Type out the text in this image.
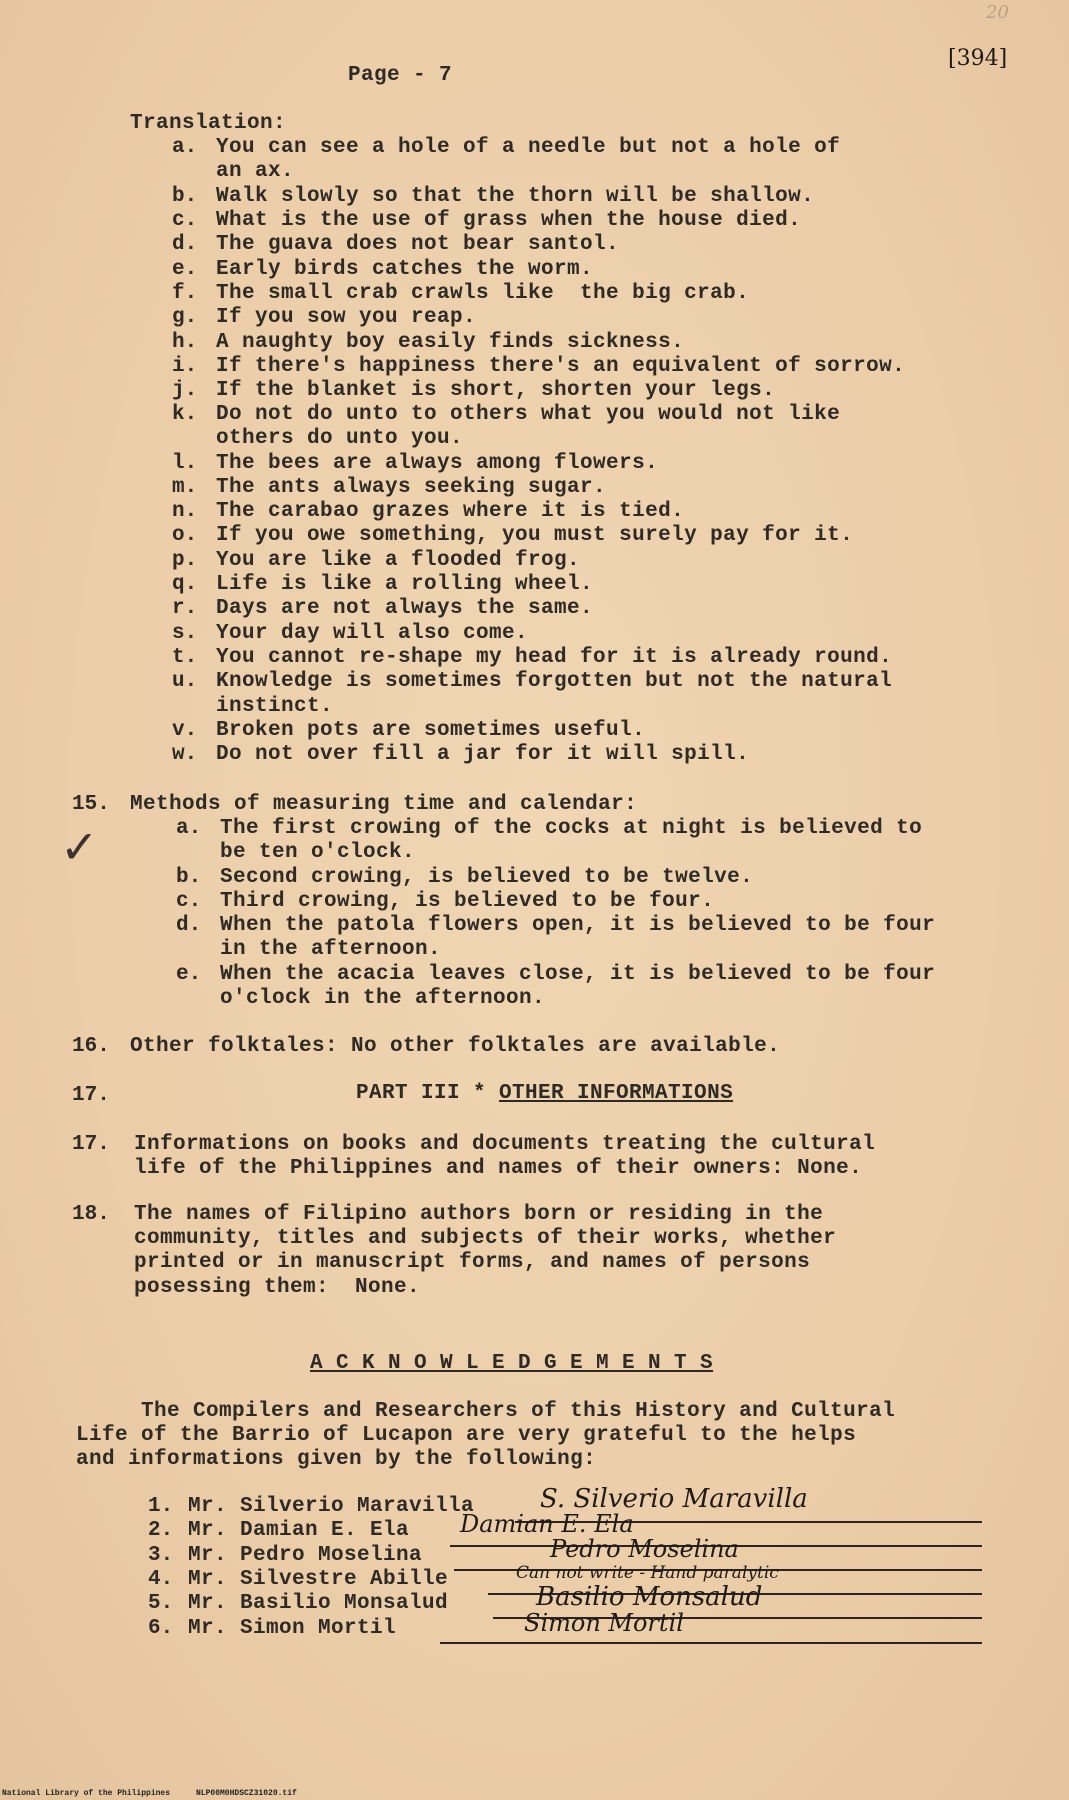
20
[394]
Page - 7
Translation:
a. You can see a hole of a needle but not a hole of
an ax.
b. Walk slowly so that the thorn will be shallow.
c. What is the use of grass when the house died.
d. The guava does not bear santol.
e. Early birds catches the worm.
f. The small crab crawls like  the big crab.
g. If you sow you reap.
h. A naughty boy easily finds sickness.
i. If there's happiness there's an equivalent of sorrow.
j. If the blanket is short, shorten your legs.
k. Do not do unto to others what you would not like
others do unto you.
l. The bees are always among flowers.
m. The ants always seeking sugar.
n. The carabao grazes where it is tied.
o. If you owe something, you must surely pay for it.
p. You are like a flooded frog.
q. Life is like a rolling wheel.
r. Days are not always the same.
s. Your day will also come.
t. You cannot re-shape my head for it is already round.
u. Knowledge is sometimes forgotten but not the natural
instinct.
v. Broken pots are sometimes useful.
w. Do not over fill a jar for it will spill.
15. Methods of measuring time and calendar:
✓	a. The first crowing of the cocks at night is believed to
be ten o'clock.
b. Second crowing, is believed to be twelve.
c. Third crowing, is believed to be four.
d. When the patola flowers open, it is believed to be four
in the afternoon.
e. When the acacia leaves close, it is believed to be four
o'clock in the afternoon.
16. Other folktales: No other folktales are available.
17.	PART III * OTHER INFORMATIONS
17. Informations on books and documents treating the cultural
life of the Philippines and names of their owners: None.
18. The names of Filipino authors born or residing in the
community, titles and subjects of their works, whether
printed or in manuscript forms, and names of persons
posessing them:  None.
A C K N O W L E D G E M E N T S
The Compilers and Researchers of this History and Cultural
Life of the Barrio of Lucapon are very grateful to the helps
and informations given by the following:
1. Mr. Silverio Maravilla	S. Silverio Maravilla
2. Mr. Damian E. Ela Damian E. Ela
3. Mr. Pedro Moselina	Pedro Moselina
4. Mr. Silvestre Abille	Can not write - Hand paralytic
5. Mr. Basilio Monsalud	Basilio Monsalud
6. Mr. Simon Mortil	Simon Mortil
National Library of the Philippines	NLP00M0HDSCZ31020.tif
